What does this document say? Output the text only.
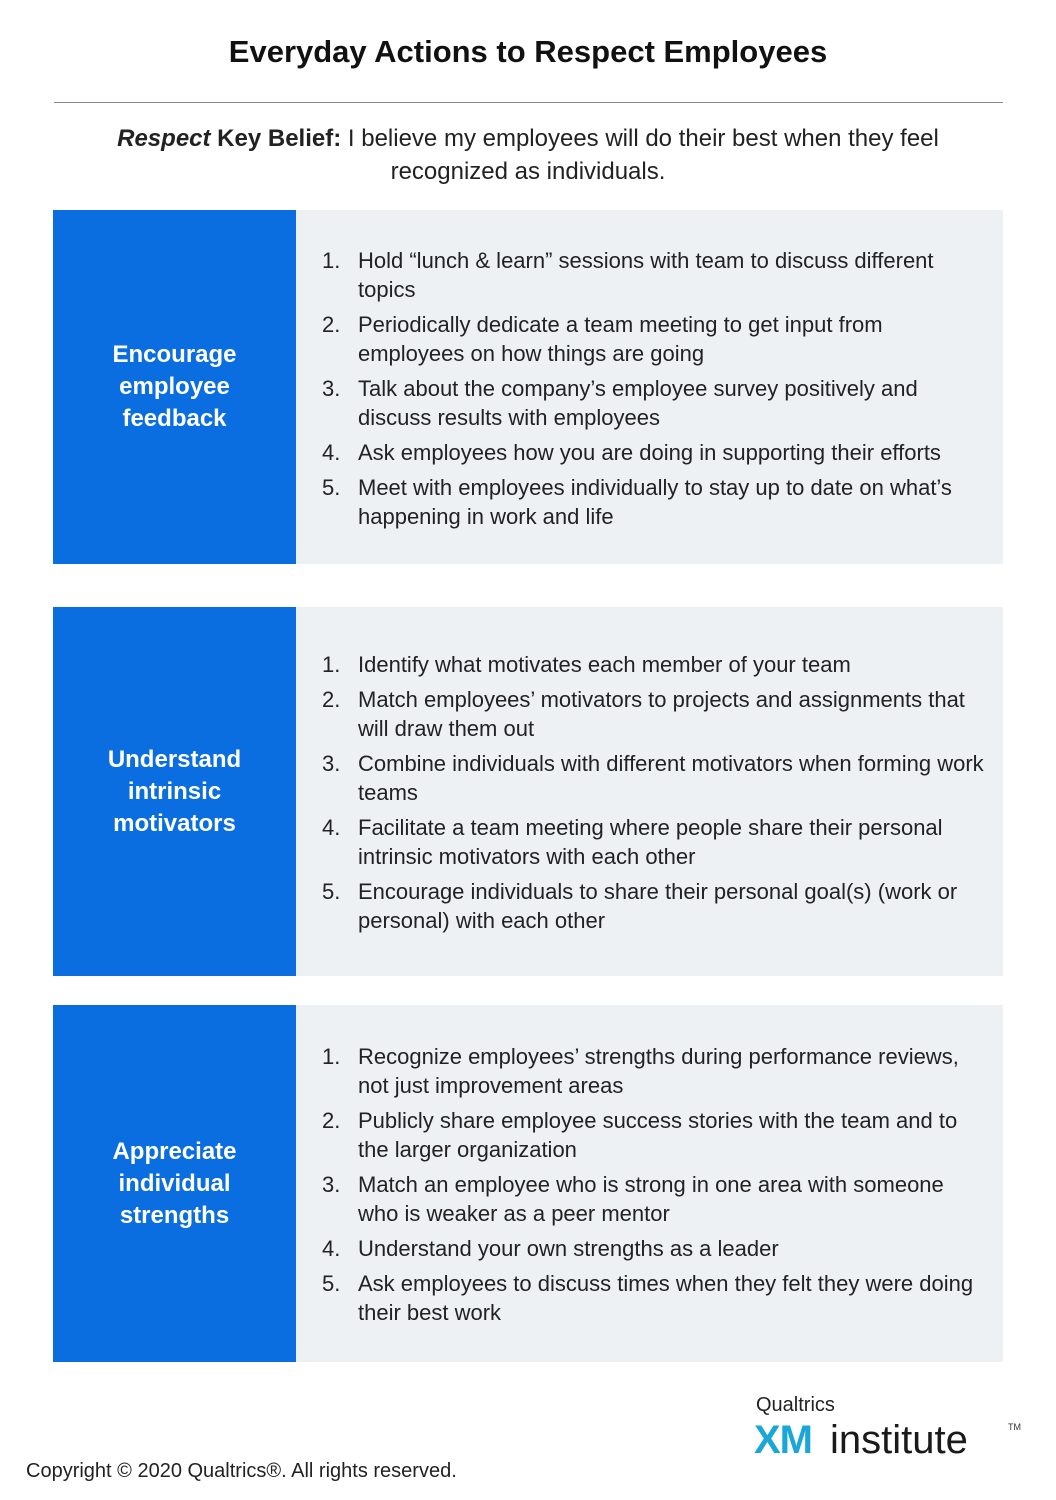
Everyday Actions to Respect Employees
Respect Key Belief: I believe my employees will do their best when they feel recognized as individuals.
Encourage employee feedback
1. Hold “lunch & learn” sessions with team to discuss different topics
2. Periodically dedicate a team meeting to get input from employees on how things are going
3. Talk about the company’s employee survey positively and discuss results with employees
4. Ask employees how you are doing in supporting their efforts
5. Meet with employees individually to stay up to date on what’s happening in work and life
Understand intrinsic motivators
1. Identify what motivates each member of your team
2. Match employees’ motivators to projects and assignments that will draw them out
3. Combine individuals with different motivators when forming work teams
4. Facilitate a team meeting where people share their personal intrinsic motivators with each other
5. Encourage individuals to share their personal goal(s) (work or personal) with each other
Appreciate individual strengths
1. Recognize employees’ strengths during performance reviews, not just improvement areas
2. Publicly share employee success stories with the team and to the larger organization
3. Match an employee who is strong in one area with someone who is weaker as a peer mentor
4. Understand your own strengths as a leader
5. Ask employees to discuss times when they felt they were doing their best work
Qualtrics
XM institute	TM
Copyright © 2020 Qualtrics®. All rights reserved.
